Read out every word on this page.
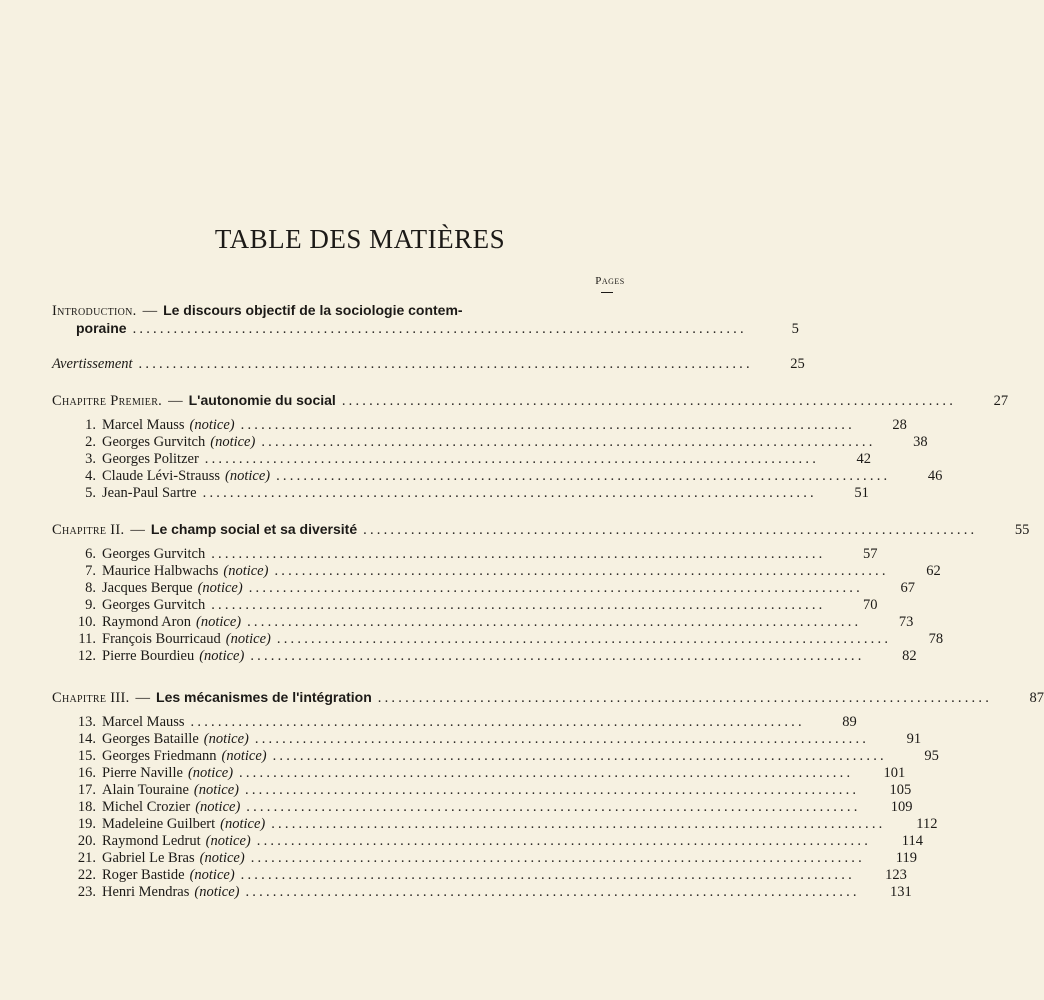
TABLE DES MATIÈRES
Pages
Introduction. — Le discours objectif de la sociologie contem-
poraine ..........................................................................................	5
Avertissement ..........................................................................................	25
Chapitre Premier. — L'autonomie du social ..........................................................................................	27
1. Marcel Mauss (notice) ..........................................................................................	28
2. Georges Gurvitch (notice) ..........................................................................................	38
3. Georges Politzer ..........................................................................................	42
4. Claude Lévi-Strauss (notice) ..........................................................................................	46
5. Jean-Paul Sartre ..........................................................................................	51
Chapitre II. — Le champ social et sa diversité ..........................................................................................	55
6. Georges Gurvitch ..........................................................................................	57
7. Maurice Halbwachs (notice) ..........................................................................................	62
8. Jacques Berque (notice) ..........................................................................................	67
9. Georges Gurvitch ..........................................................................................	70
10. Raymond Aron (notice) ..........................................................................................	73
11. François Bourricaud (notice) ..........................................................................................	78
12. Pierre Bourdieu (notice) ..........................................................................................	82
Chapitre III. — Les mécanismes de l'intégration ..........................................................................................	87
13. Marcel Mauss ..........................................................................................	89
14. Georges Bataille (notice) ..........................................................................................	91
15. Georges Friedmann (notice) ..........................................................................................	95
16. Pierre Naville (notice) ..........................................................................................	101
17. Alain Touraine (notice) ..........................................................................................	105
18. Michel Crozier (notice) ..........................................................................................	109
19. Madeleine Guilbert (notice) ..........................................................................................	112
20. Raymond Ledrut (notice) ..........................................................................................	114
21. Gabriel Le Bras (notice) ..........................................................................................	119
22. Roger Bastide (notice) ..........................................................................................	123
23. Henri Mendras (notice) ..........................................................................................	131
